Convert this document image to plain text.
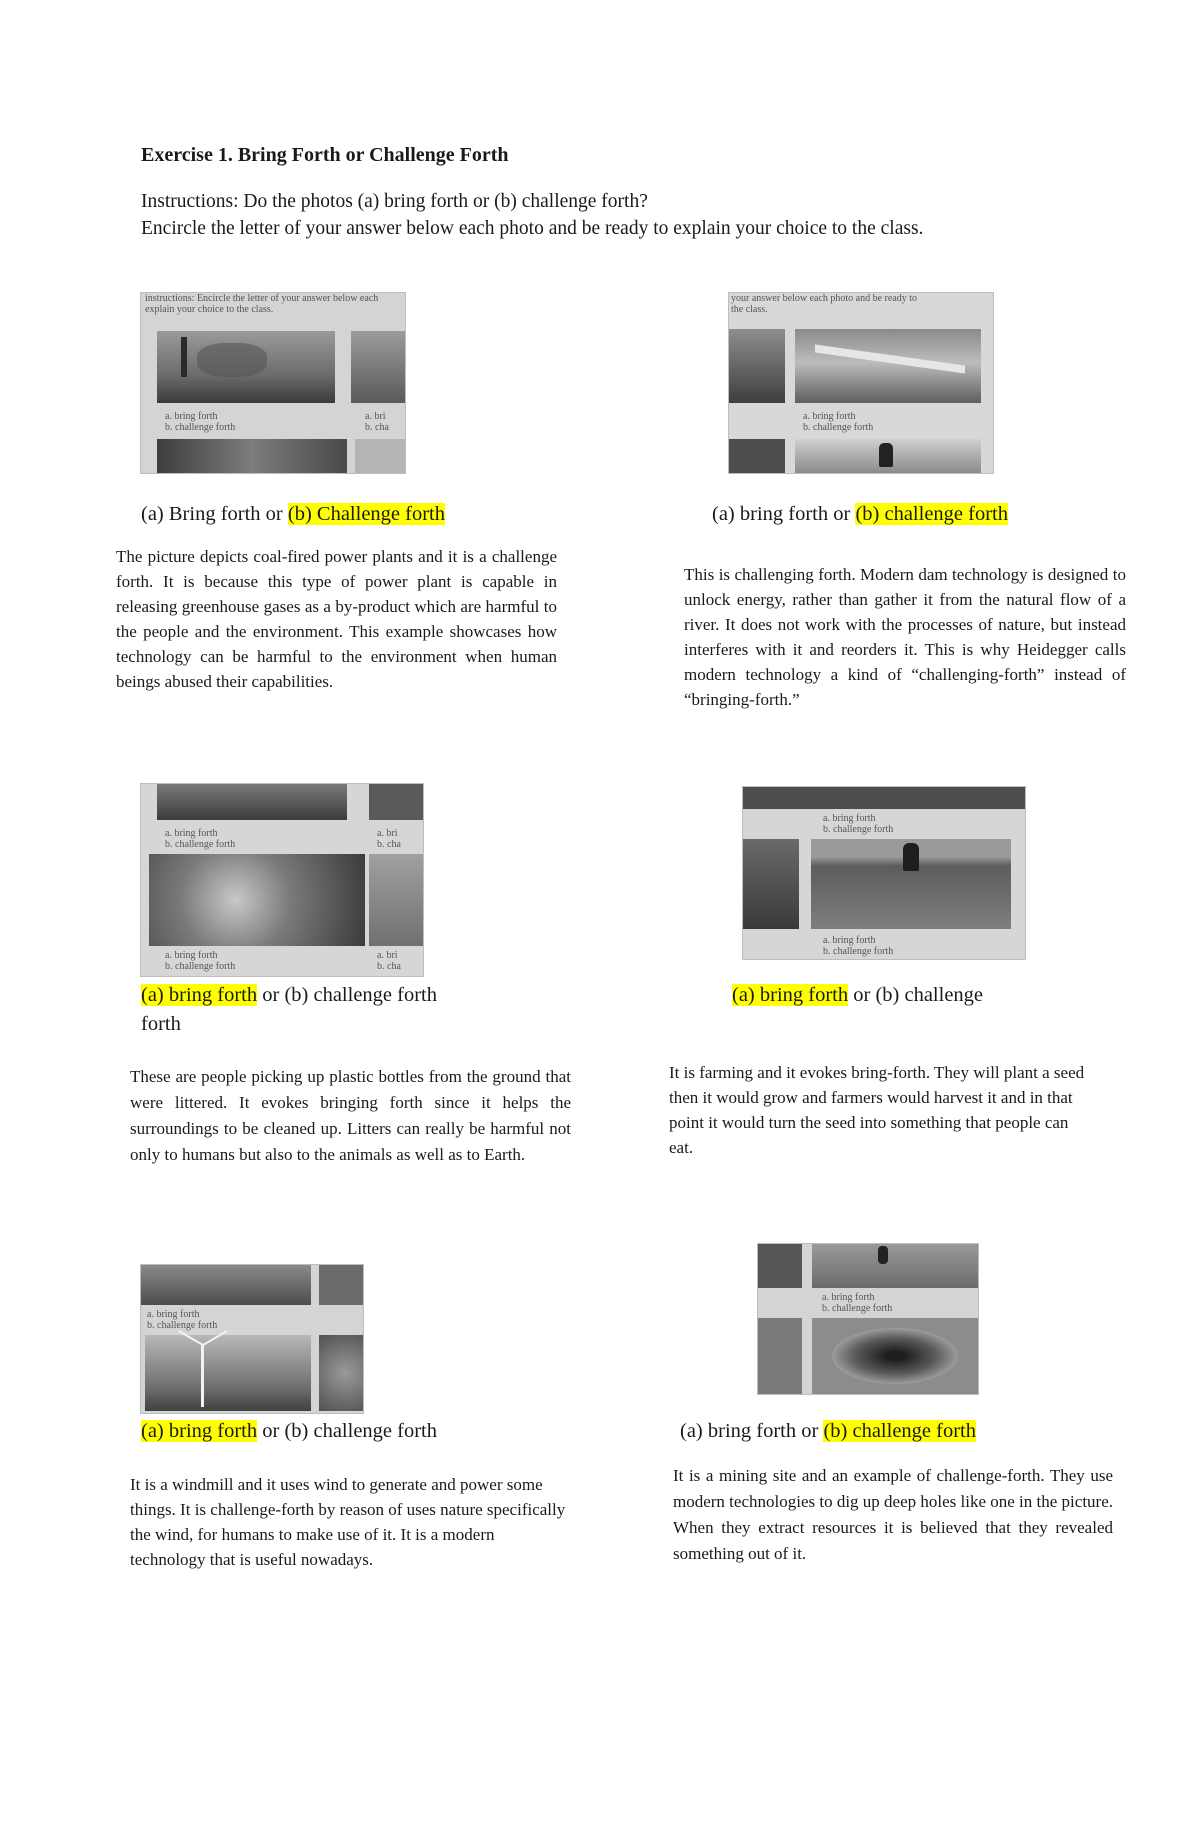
Exercise 1. Bring Forth or Challenge Forth
Instructions: Do the photos (a) bring forth or (b) challenge forth?
Encircle the letter of your answer below each photo and be ready to explain your choice to the class.
instructions: Encircle the letter of your answer below each
explain your choice to the class.
a. bring forth
b. challenge forth
a. bri
b. cha
your answer below each photo and be ready to
the class.
a. bring forth
b. challenge forth
(a) Bring forth or (b) Challenge forth	(a) bring forth or (b) challenge forth
The picture depicts coal-fired power plants and it is a challenge forth. It is because this type of power plant is capable in releasing greenhouse gases as a by-product which are harmful to the people and the environment. This example showcases how technology can be harmful to the environment when human beings abused their capabilities.
This is challenging forth. Modern dam technology is designed to unlock energy, rather than gather it from the natural flow of a river. It does not work with the processes of nature, but instead interferes with it and reorders it. This is why Heidegger calls modern technology a kind of “challenging-forth” instead of “bringing-forth.”
a. bring forth
b. challenge forth
a. bri
b. cha
a. bring forth
b. challenge forth
a. bri
b. cha
a. bring forth
b. challenge forth
a. bring forth
b. challenge forth
(a) bring forth or (b) challenge forth
forth
(a) bring forth or (b) challenge
These are people picking up plastic bottles from the ground that were littered. It evokes bringing forth since it helps the surroundings to be cleaned up. Litters can really be harmful not only to humans but also to the animals as well as to Earth.
It is farming and it evokes bring-forth. They will plant a seed then it would grow and farmers would harvest it and in that point it would turn the seed into something that people can eat.
a. bring forth
b. challenge forth
a. bring forth
b. challenge forth
(a) bring forth or (b) challenge forth	(a) bring forth or (b) challenge forth
It is a windmill and it uses wind to generate and power some things. It is challenge-forth by reason of uses nature specifically the wind, for humans to make use of it. It is a modern technology that is useful nowadays.
It is a mining site and an example of challenge-forth. They use modern technologies to dig up deep holes like one in the picture. When they extract resources it is believed that they revealed something out of it.
